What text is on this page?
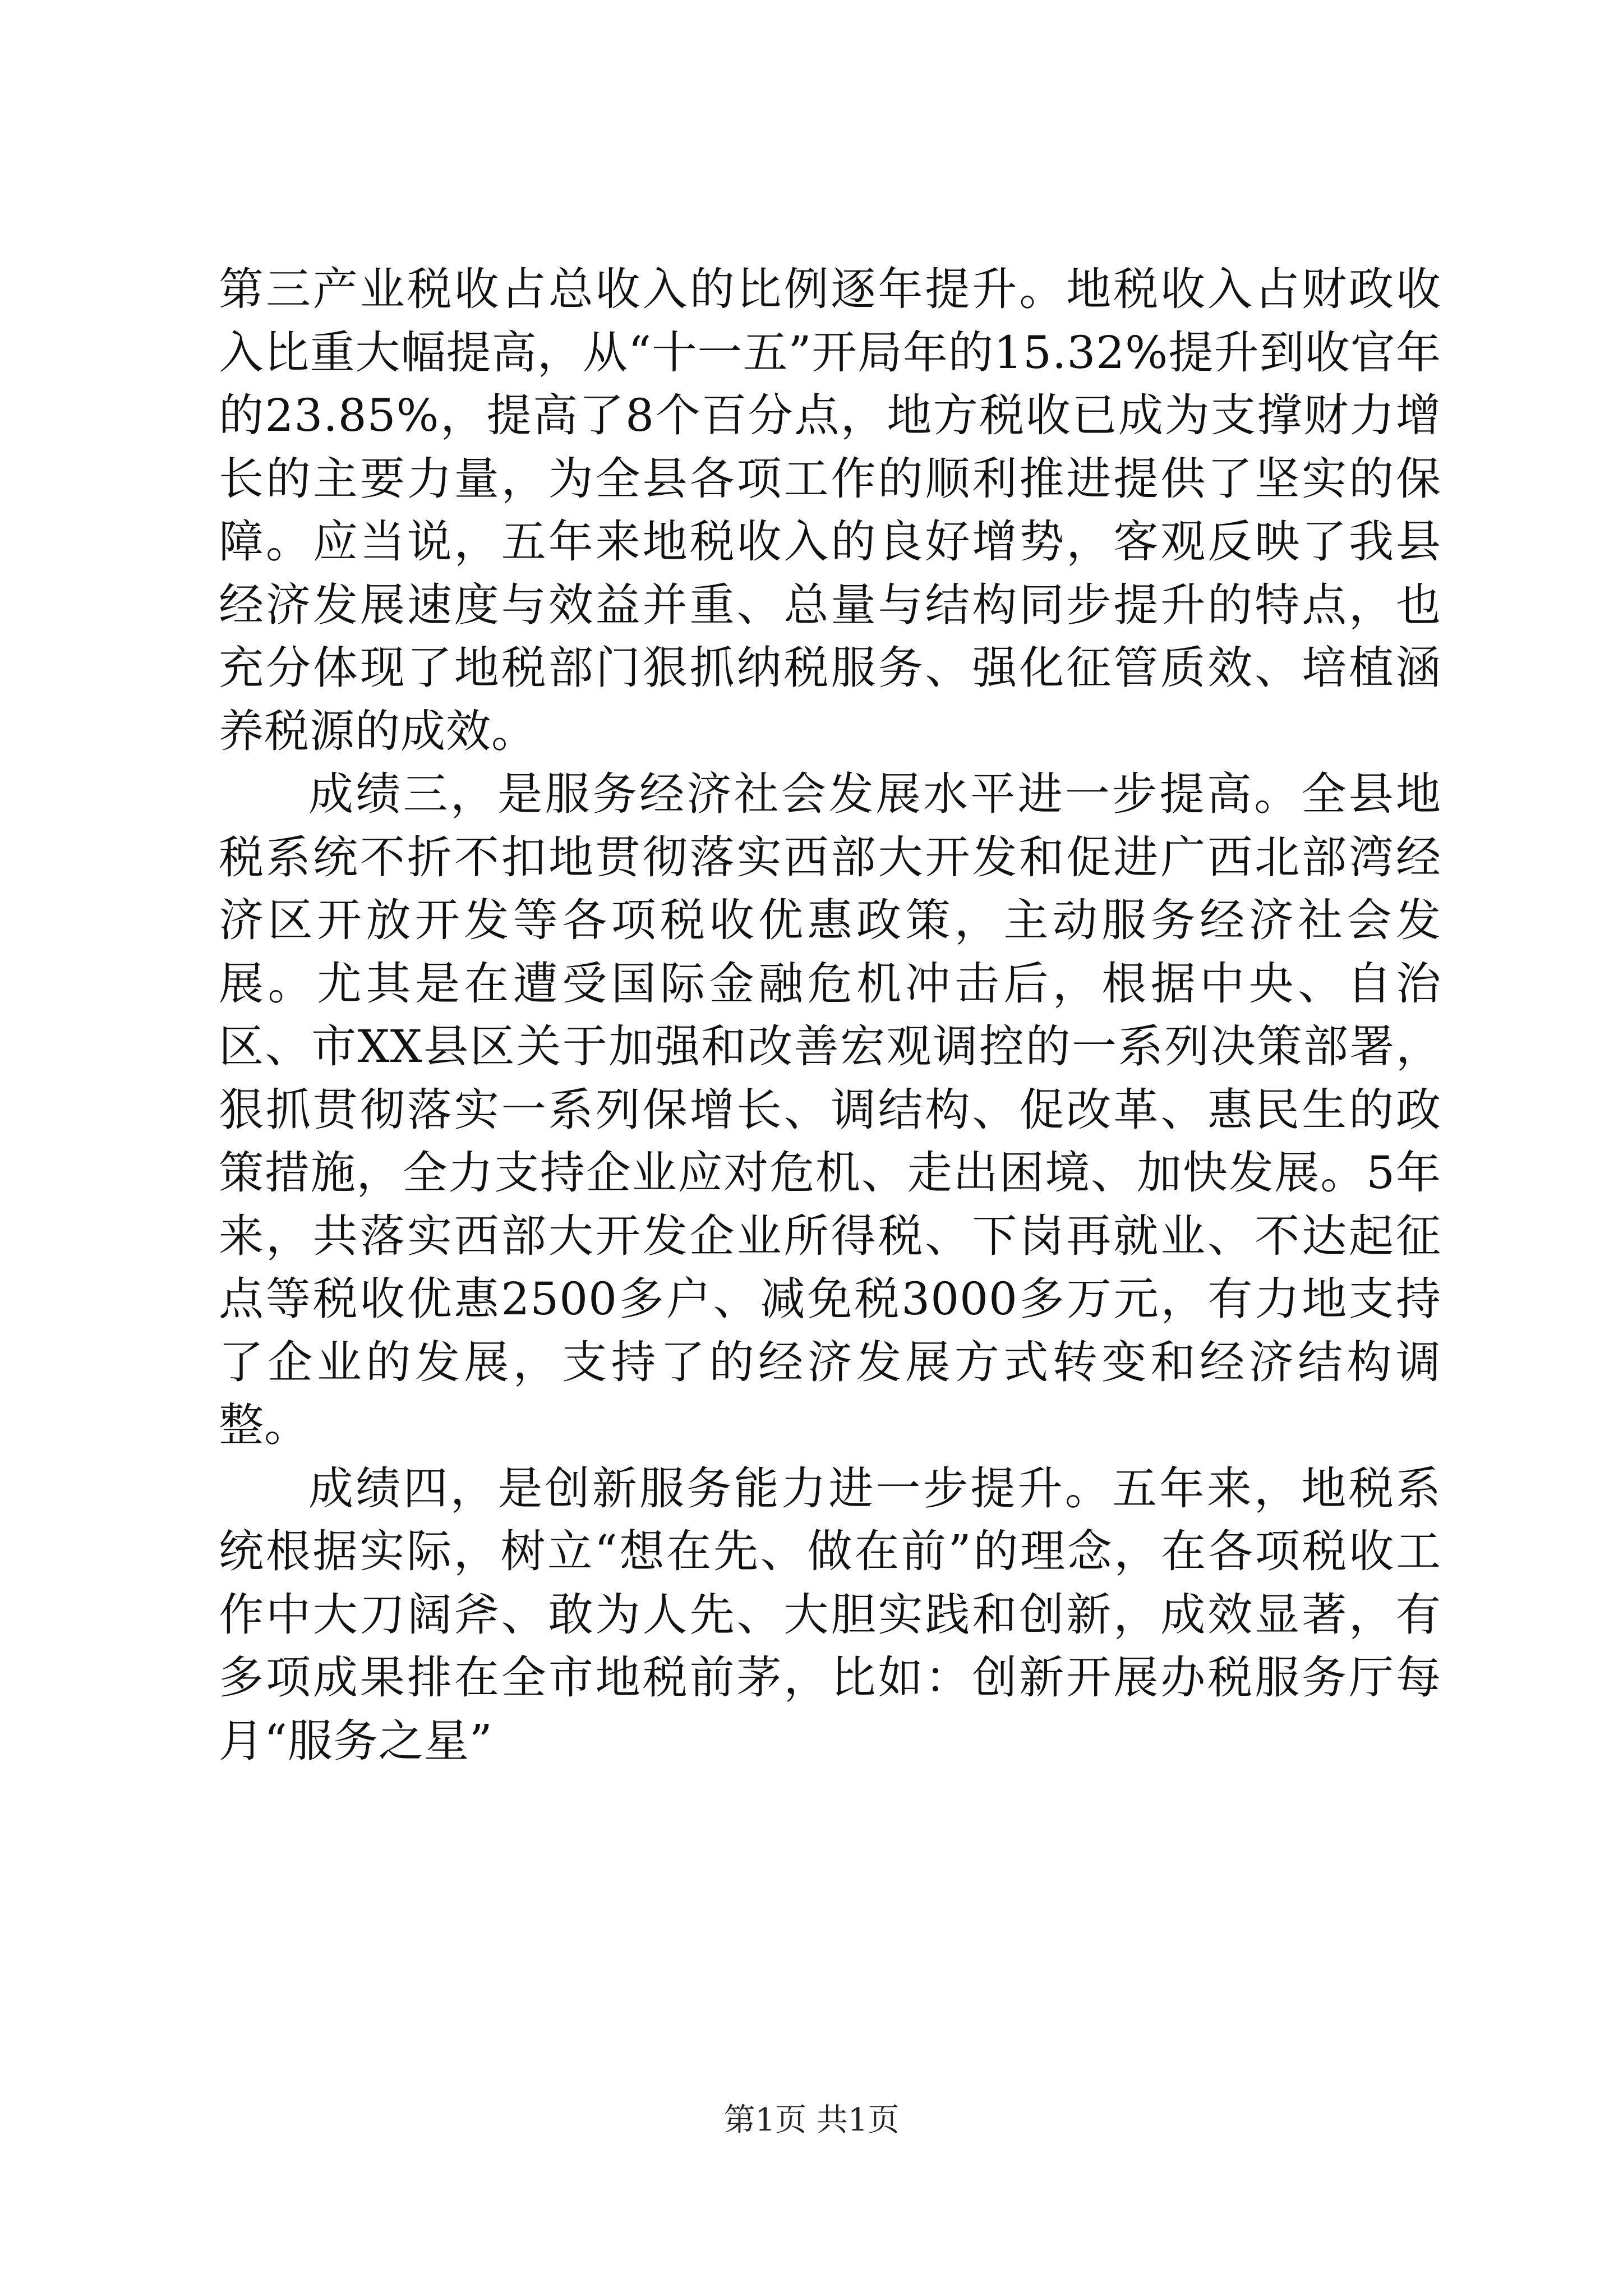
第三产业税收占总收入的比例逐年提升。地税收入占财政收入比重大幅提高，从“十一五”开局年的15.32%提升到收官年的23.85%，提高了8个百分点，地方税收已成为支撑财力增长的主要力量，为全县各项工作的顺利推进提供了坚实的保障。应当说，五年来地税收入的良好增势，客观反映了我县经济发展速度与效益并重、总量与结构同步提升的特点，也充分体现了地税部门狠抓纳税服务、强化征管质效、培植涵养税源的成效。

成绩三，是服务经济社会发展水平进一步提高。全县地税系统不折不扣地贯彻落实西部大开发和促进广西北部湾经济区开放开发等各项税收优惠政策，主动服务经济社会发展。尤其是在遭受国际金融危机冲击后，根据中央、自治区、市XX县区关于加强和改善宏观调控的一系列决策部署，狠抓贯彻落实一系列保增长、调结构、促改革、惠民生的政策措施，全力支持企业应对危机、走出困境、加快发展。5年来，共落实西部大开发企业所得税、下岗再就业、不达起征点等税收优惠2500多户、减免税3000多万元，有力地支持了企业的发展，支持了的经济发展方式转变和经济结构调整。

成绩四，是创新服务能力进一步提升。五年来，地税系统根据实际，树立“想在先、做在前”的理念，在各项税收工作中大刀阔斧、敢为人先、大胆实践和创新，成效显著，有多项成果排在全市地税前茅，比如：创新开展办税服务厅每月“服务之星”

第1页 共1页
